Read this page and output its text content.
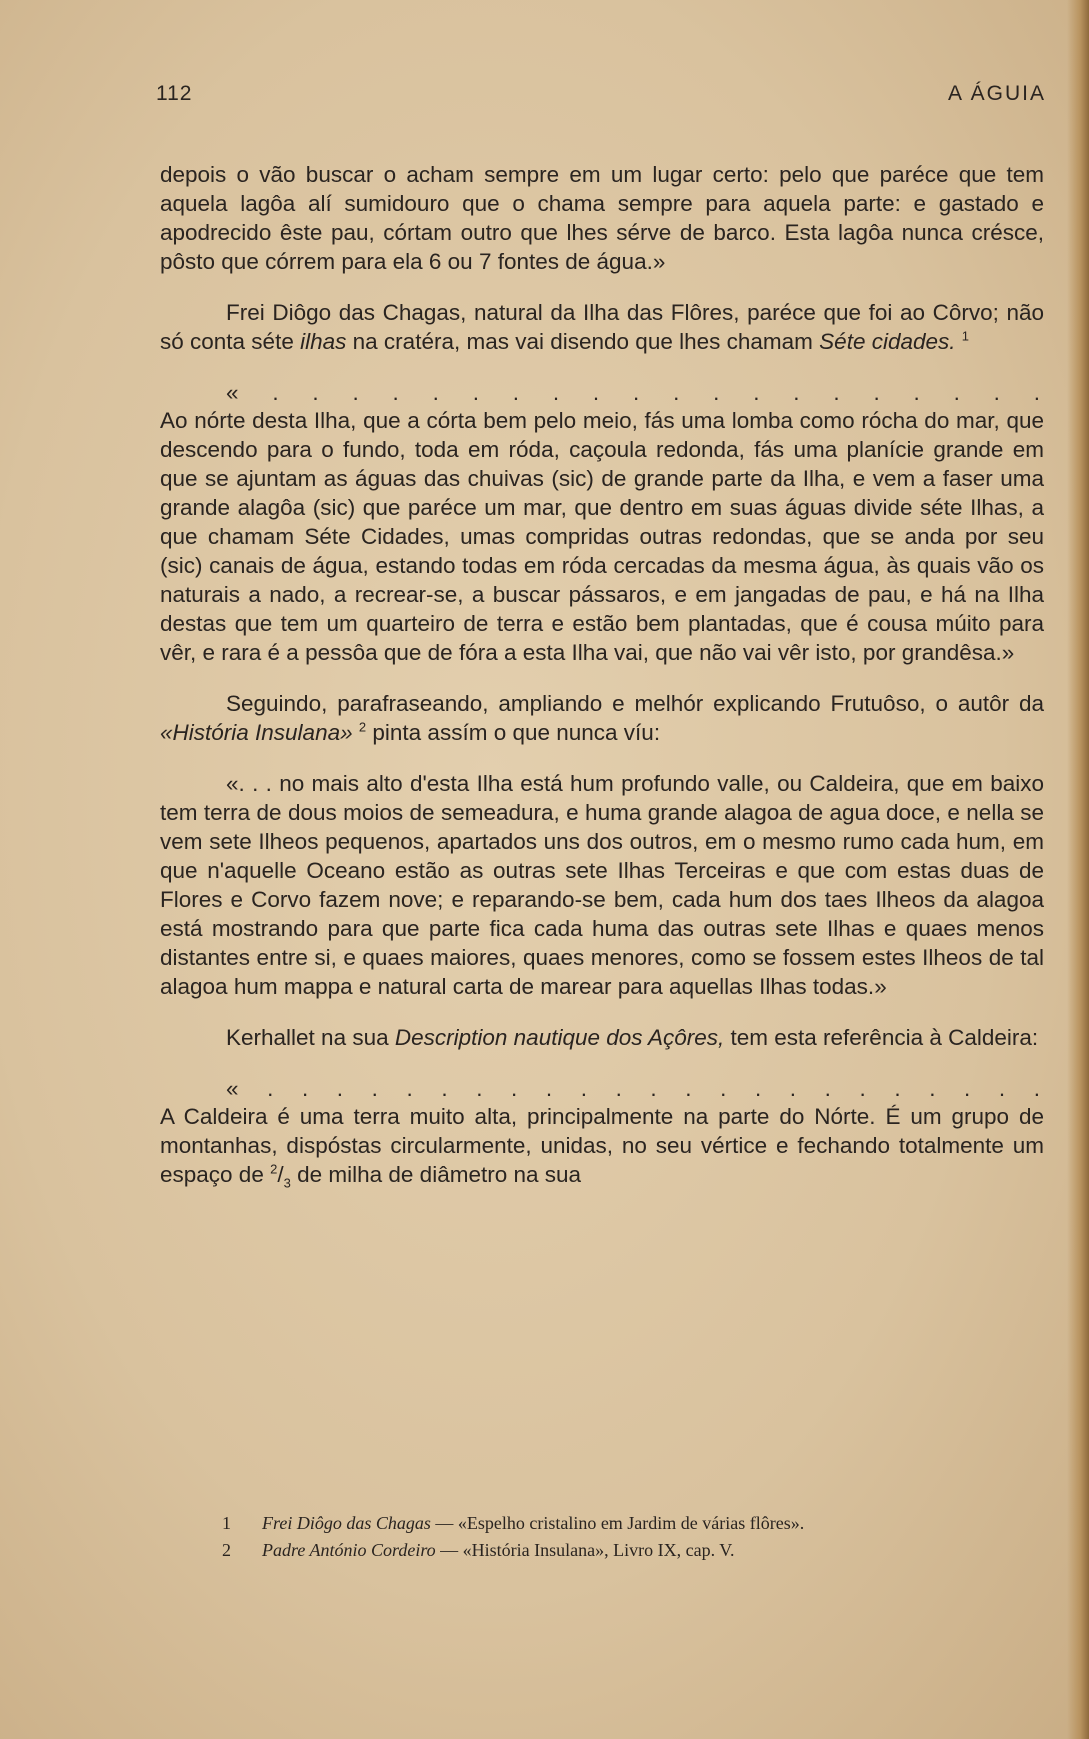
112	A ÁGUIA

depois o vão buscar o acham sempre em um lugar certo: pelo que paréce que tem aquela lagôa alí sumidouro que o chama sempre para aquela parte: e gastado e apodrecido êste pau, córtam outro que lhes sérve de barco. Esta lagôa nunca crésce, pôsto que córrem para ela 6 ou 7 fontes de água.»

Frei Diôgo das Chagas, natural da Ilha das Flôres, paréce que foi ao Côrvo; não só conta séte ilhas na cratéra, mas vai disendo que lhes chamam Séte cidades. $^1$

« . . . . . . . . . . . . . . . . . . . .

Ao nórte desta Ilha, que a córta bem pelo meio, fás uma lomba como rócha do mar, que descendo para o fundo, toda em róda, caçoula redonda, fás uma planície grande em que se ajuntam as águas das chuivas (sic) de grande parte da Ilha, e vem a faser uma grande alagôa (sic) que paréce um mar, que dentro em suas águas divide séte Ilhas, a que chamam Séte Cidades, umas compridas outras redondas, que se anda por seu (sic) canais de água, estando todas em róda cercadas da mesma água, às quais vão os naturais a nado, a recrear-se, a buscar pássaros, e em jangadas de pau, e há na Ilha destas que tem um quarteiro de terra e estão bem plantadas, que é cousa múito para vêr, e rara é a pessôa que de fóra a esta Ilha vai, que não vai vêr isto, por grandêsa.»

Seguindo, parafraseando, ampliando e melhór explicando Frutuôso, o autôr da «História Insulana» $^2$ pinta assím o que nunca víu:

«. . . no mais alto d'esta Ilha está hum profundo valle, ou Caldeira, que em baixo tem terra de dous moios de semeadura, e huma grande alagoa de agua doce, e nella se vem sete Ilheos pequenos, apartados uns dos outros, em o mesmo rumo cada hum, em que n'aquelle Oceano estão as outras sete Ilhas Terceiras e que com estas duas de Flores e Corvo fazem nove; e reparando-se bem, cada hum dos taes Ilheos da alagoa está mostrando para que parte fica cada huma das outras sete Ilhas e quaes menos distantes entre si, e quaes maiores, quaes menores, como se fossem estes Ilheos de tal alagoa hum mappa e natural carta de marear para aquellas Ilhas todas.»

Kerhallet na sua Description nautique dos Açôres, tem esta referência à Caldeira:

« . . . . . . . . . . . . . . . . . . . . . . .

A Caldeira é uma terra muito alta, principalmente na parte do Nórte. É um grupo de montanhas, dispóstas circularmente, unidas, no seu vértice e fechando totalmente um espaço de $^2/_3$ de milha de diâmetro na sua

1 Frei Diôgo das Chagas — «Espelho cristalino em Jardim de várias flôres».
2 Padre António Cordeiro — «História Insulana», Livro IX, cap. V.
